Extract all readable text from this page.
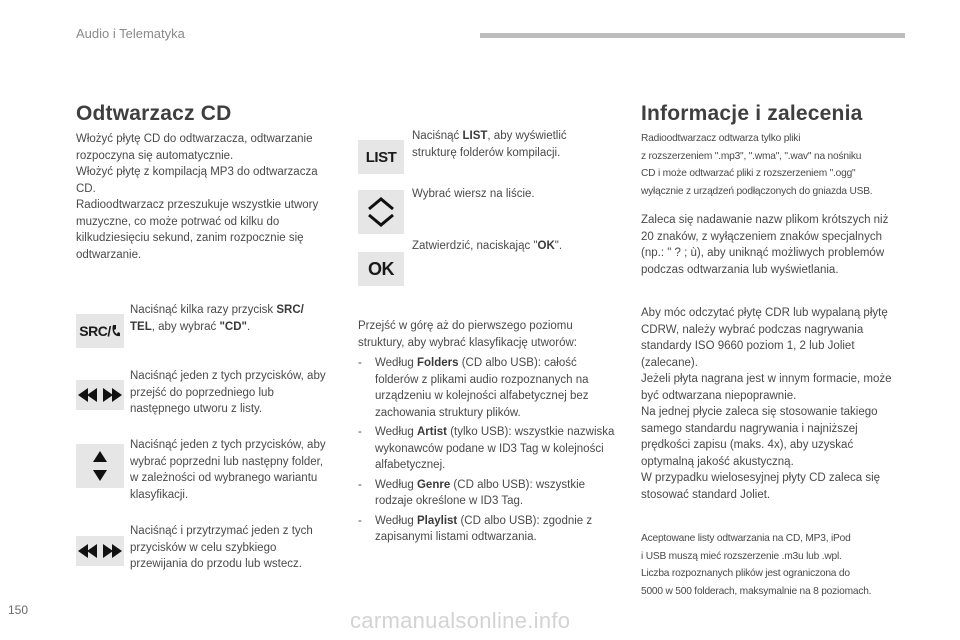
Audio i Telematyka
Odtwarzacz CD
Włożyć płytę CD do odtwarzacza, odtwarzanie rozpoczyna się automatycznie.
Włożyć płytę z kompilacją MP3 do odtwarzacza CD.
Radioodtwarzacz przeszukuje wszystkie utwory muzyczne, co może potrwać od kilku do kilkudziesięciu sekund, zanim rozpocznie się odtwarzanie.
SRC/
Naciśnąć kilka razy przycisk SRC/ TEL, aby wybrać "CD".
Naciśnąć jeden z tych przycisków, aby przejść do poprzedniego lub następnego utworu z listy.
Naciśnąć jeden z tych przycisków, aby wybrać poprzedni lub następny folder, w zależności od wybranego wariantu klasyfikacji.
Naciśnąć i przytrzymać jeden z tych przycisków w celu szybkiego przewijania do przodu lub wstecz.
LIST
Naciśnąć LIST, aby wyświetlić strukturę folderów kompilacji.
Wybrać wiersz na liście.
OK
Zatwierdzić, naciskając "OK".
Przejść w górę aż do pierwszego poziomu struktury, aby wybrać klasyfikację utworów:
- Według Folders (CD albo USB): całość folderów z plikami audio rozpoznanych na urządzeniu w kolejności alfabetycznej bez zachowania struktury plików.
- Według Artist (tylko USB): wszystkie nazwiska wykonawców podane w ID3 Tag w kolejności alfabetycznej.
- Według Genre (CD albo USB): wszystkie rodzaje określone w ID3 Tag.
- Według Playlist (CD albo USB): zgodnie z zapisanymi listami odtwarzania.
Informacje i zalecenia
Radioodtwarzacz odtwarza tylko pliki
z rozszerzeniem ".mp3", ".wma", ".wav" na nośniku
CD i może odtwarzać pliki z rozszerzeniem ".ogg"
wyłącznie z urządzeń podłączonych do gniazda USB.
Zaleca się nadawanie nazw plikom krótszych niż 20 znaków, z wyłączeniem znaków specjalnych (np.: " ? ; ù), aby uniknąć możliwych problemów podczas odtwarzania lub wyświetlania.
Aby móc odczytać płytę CDR lub wypalaną płytę CDRW, należy wybrać podczas nagrywania standardy ISO 9660 poziom 1, 2 lub Joliet (zalecane).
Jeżeli płyta nagrana jest w innym formacie, może być odtwarzana niepoprawnie.
Na jednej płycie zaleca się stosowanie takiego samego standardu nagrywania i najniższej prędkości zapisu (maks. 4x), aby uzyskać optymalną jakość akustyczną.
W przypadku wielosesyjnej płyty CD zaleca się stosować standard Joliet.
Aceptowane listy odtwarzania na CD, MP3, iPod
i USB muszą mieć rozszerzenie .m3u lub .wpl.
Liczba rozpoznanych plików jest ograniczona do
5000 w 500 folderach, maksymalnie na 8 poziomach.
150	carmanualsonline.info
